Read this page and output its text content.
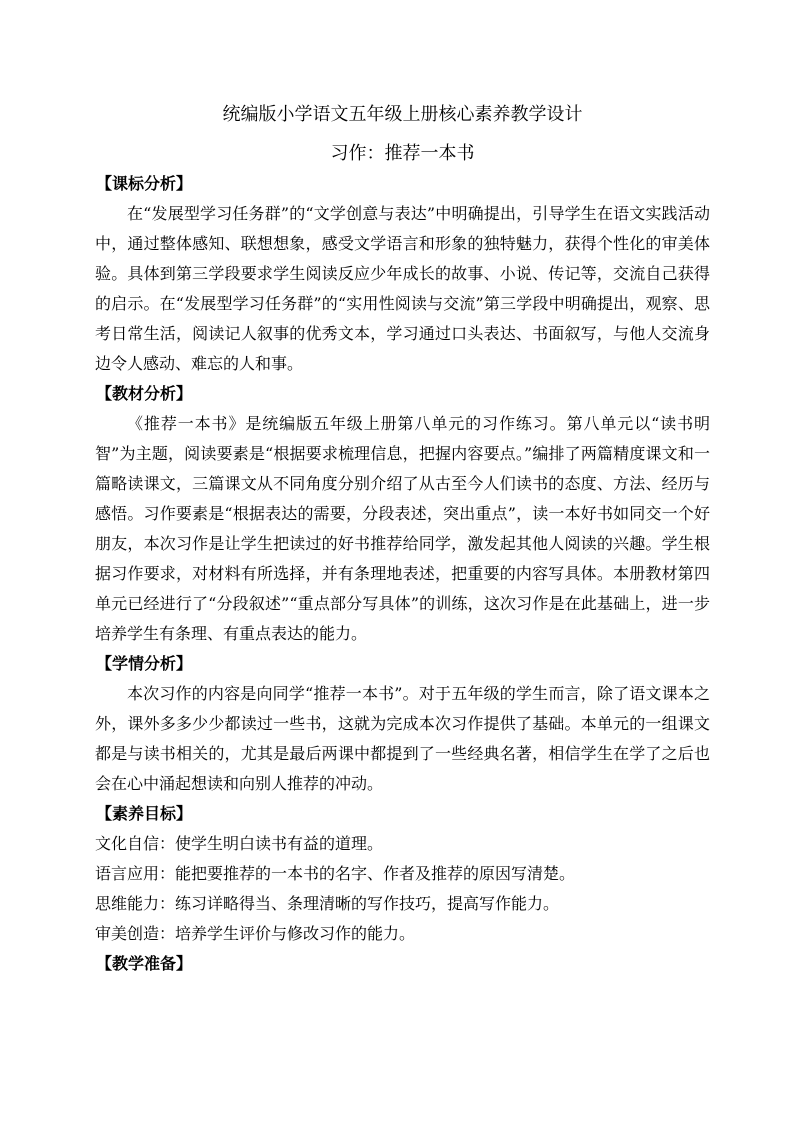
统编版小学语文五年级上册核心素养教学设计
习作：推荐一本书
【课标分析】

在“发展型学习任务群”的“文学创意与表达”中明确提出，引导学生在语文实践活动中，通过整体感知、联想想象，感受文学语言和形象的独特魅力，获得个性化的审美体验。具体到第三学段要求学生阅读反应少年成长的故事、小说、传记等，交流自己获得的启示。在“发展型学习任务群”的“实用性阅读与交流”第三学段中明确提出，观察、思考日常生活，阅读记人叙事的优秀文本，学习通过口头表达、书面叙写，与他人交流身边令人感动、难忘的人和事。

【教材分析】

《推荐一本书》是统编版五年级上册第八单元的习作练习。第八单元以“读书明智”为主题，阅读要素是“根据要求梳理信息，把握内容要点。”编排了两篇精度课文和一篇略读课文，三篇课文从不同角度分别介绍了从古至今人们读书的态度、方法、经历与感悟。习作要素是“根据表达的需要，分段表述，突出重点”，读一本好书如同交一个好朋友，本次习作是让学生把读过的好书推荐给同学，激发起其他人阅读的兴趣。学生根据习作要求，对材料有所选择，并有条理地表述，把重要的内容写具体。本册教材第四单元已经进行了“分段叙述”“重点部分写具体”的训练，这次习作是在此基础上，进一步培养学生有条理、有重点表达的能力。

【学情分析】

本次习作的内容是向同学“推荐一本书”。对于五年级的学生而言，除了语文课本之外，课外多多少少都读过一些书，这就为完成本次习作提供了基础。本单元的一组课文都是与读书相关的，尤其是最后两课中都提到了一些经典名著，相信学生在学了之后也会在心中涌起想读和向别人推荐的冲动。

【素养目标】
文化自信：使学生明白读书有益的道理。
语言应用：能把要推荐的一本书的名字、作者及推荐的原因写清楚。
思维能力：练习详略得当、条理清晰的写作技巧，提高写作能力。
审美创造：培养学生评价与修改习作的能力。
【教学准备】
